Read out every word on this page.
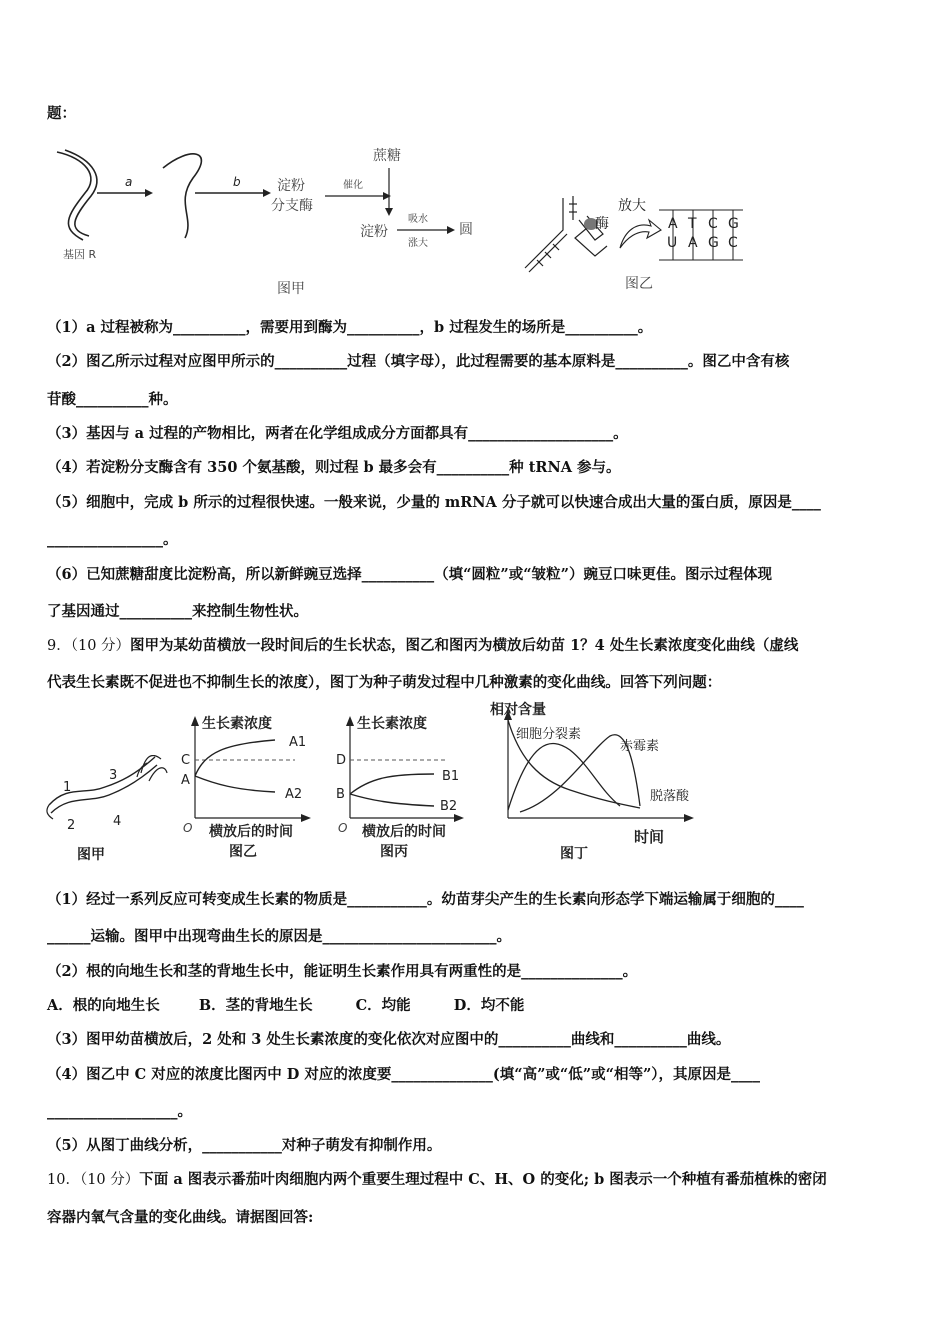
题：
基因 R
a	b	淀粉
分支酶
催化
蔗糖
淀粉
吸水
涨大
圆
图甲
酶
放大
A T C G
U A G C
图乙
（1）a 过程被称为__________，需要用到酶为__________，b 过程发生的场所是__________。
（2）图乙所示过程对应图甲所示的__________过程（填字母），此过程需要的基本原料是__________。图乙中含有核
苷酸__________种。
（3）基因与 a 过程的产物相比，两者在化学组成成分方面都具有____________________。
（4）若淀粉分支酶含有 350 个氨基酸，则过程 b 最多会有__________种 tRNA 参与。
（5）细胞中，完成 b 所示的过程很快速。一般来说，少量的 mRNA 分子就可以快速合成出大量的蛋白质，原因是____
________________。
（6）已知蔗糖甜度比淀粉高，所以新鲜豌豆选择__________（填“圆粒”或“皱粒”）豌豆口味更佳。图示过程体现
了基因通过__________来控制生物性状。
9．（10 分）图甲为某幼苗横放一段时间后的生长状态，图乙和图丙为横放后幼苗 1？4 处生长素浓度变化曲线（虚线
代表生长素既不促进也不抑制生长的浓度），图丁为种子萌发过程中几种激素的变化曲线。回答下列问题：
1
2
3
4
图甲
生长素浓度
C
A
A1
A2
O 横放后的时间
图乙
生长素浓度
D
B
B1
B2
O 横放后的时间
图丙
相对含量
细胞分裂素
赤霉素
脱落酸
时间
图丁
（1）经过一系列反应可转变成生长素的物质是___________。幼苗芽尖产生的生长素向形态学下端运输属于细胞的____
______运输。图甲中出现弯曲生长的原因是________________________。
（2）根的向地生长和茎的背地生长中，能证明生长素作用具有两重性的是______________。
A．根的向地生长	B．茎的背地生长	C．均能	D．均不能
（3）图甲幼苗横放后，2 处和 3 处生长素浓度的变化依次对应图中的__________曲线和__________曲线。
（4）图乙中 C 对应的浓度比图丙中 D 对应的浓度要______________(填“高”或“低”或“相等”），其原因是____
__________________。
（5）从图丁曲线分析，___________对种子萌发有抑制作用。
10．（10 分）下面 a 图表示番茄叶肉细胞内两个重要生理过程中 C、H、O 的变化; b 图表示一个种植有番茄植株的密闭
容器内氧气含量的变化曲线。请据图回答:
